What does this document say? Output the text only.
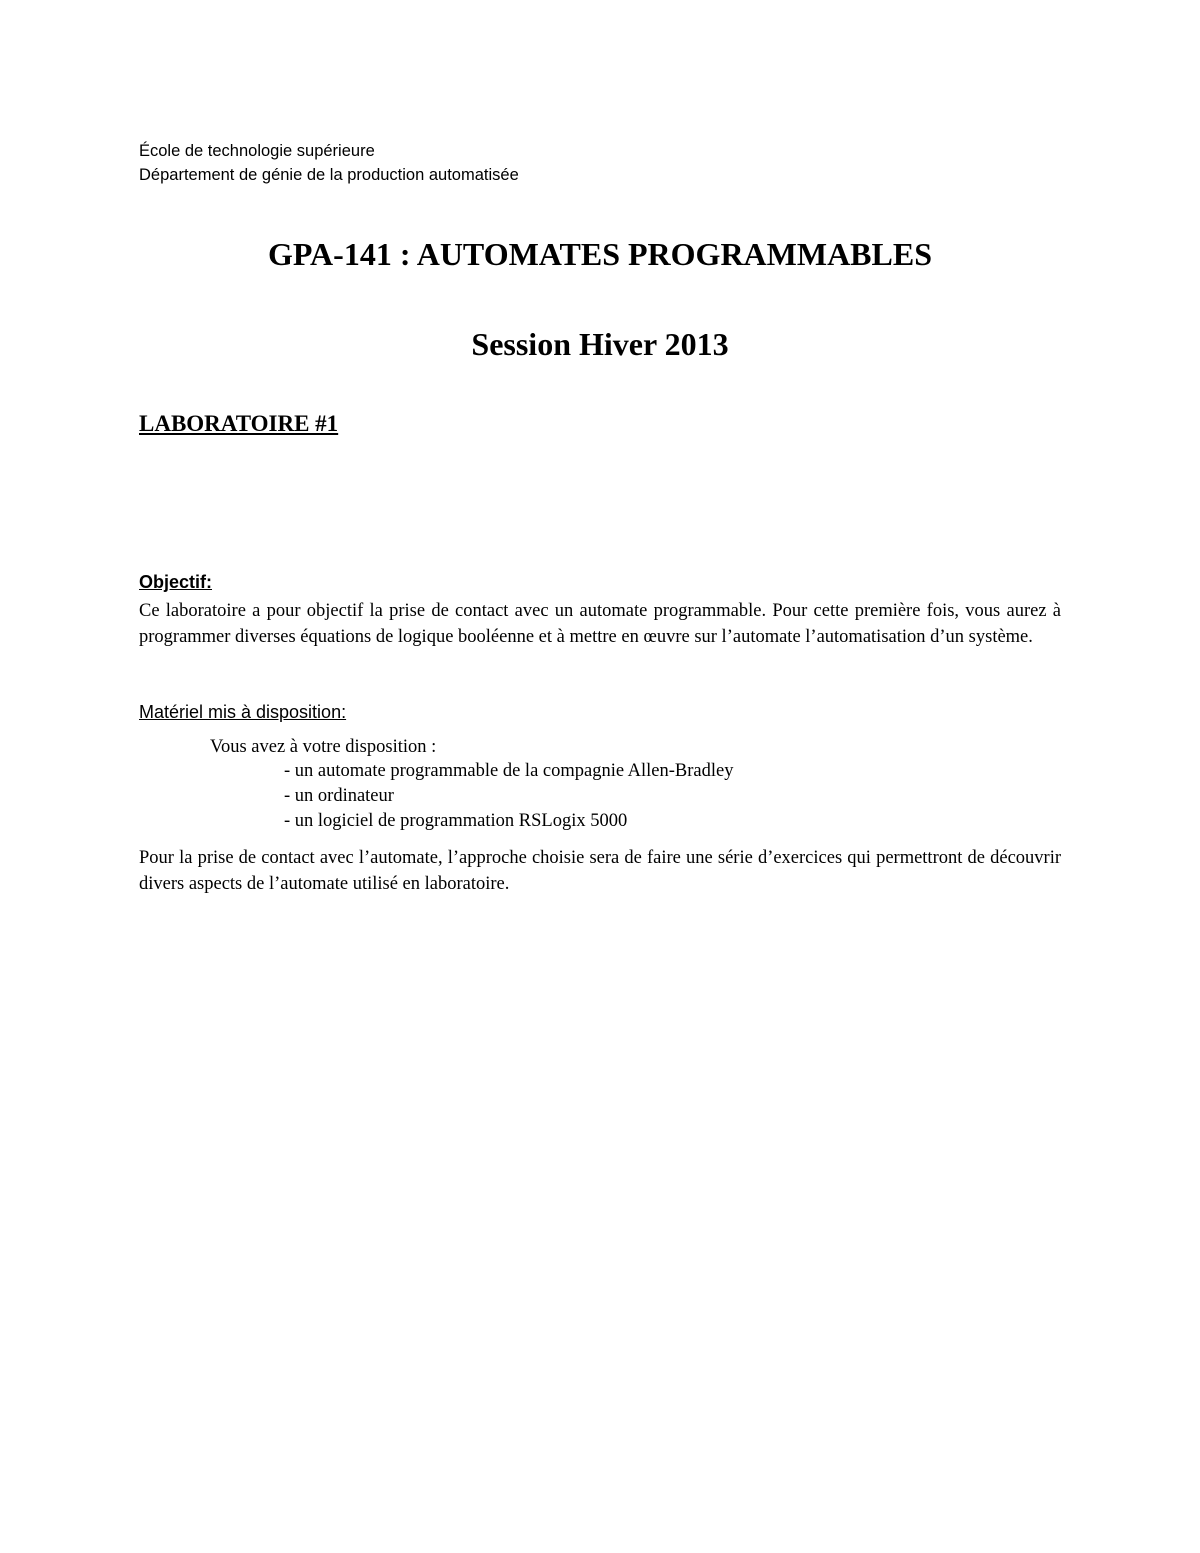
École de technologie supérieure
Département de génie de la production automatisée
GPA-141 : AUTOMATES PROGRAMMABLES
Session Hiver 2013
LABORATOIRE #1
Objectif:
Ce laboratoire a pour objectif la prise de contact avec un automate programmable. Pour cette première fois, vous aurez à programmer diverses équations de logique booléenne et à mettre en œuvre sur l’automate l’automatisation d’un système.
Matériel mis à disposition:
Vous avez à votre disposition :
- un automate programmable de la compagnie Allen-Bradley
- un ordinateur
- un logiciel de programmation RSLogix 5000
Pour la prise de contact avec l’automate, l’approche choisie sera de faire une série d’exercices qui permettront de découvrir divers aspects de l’automate utilisé en laboratoire.
